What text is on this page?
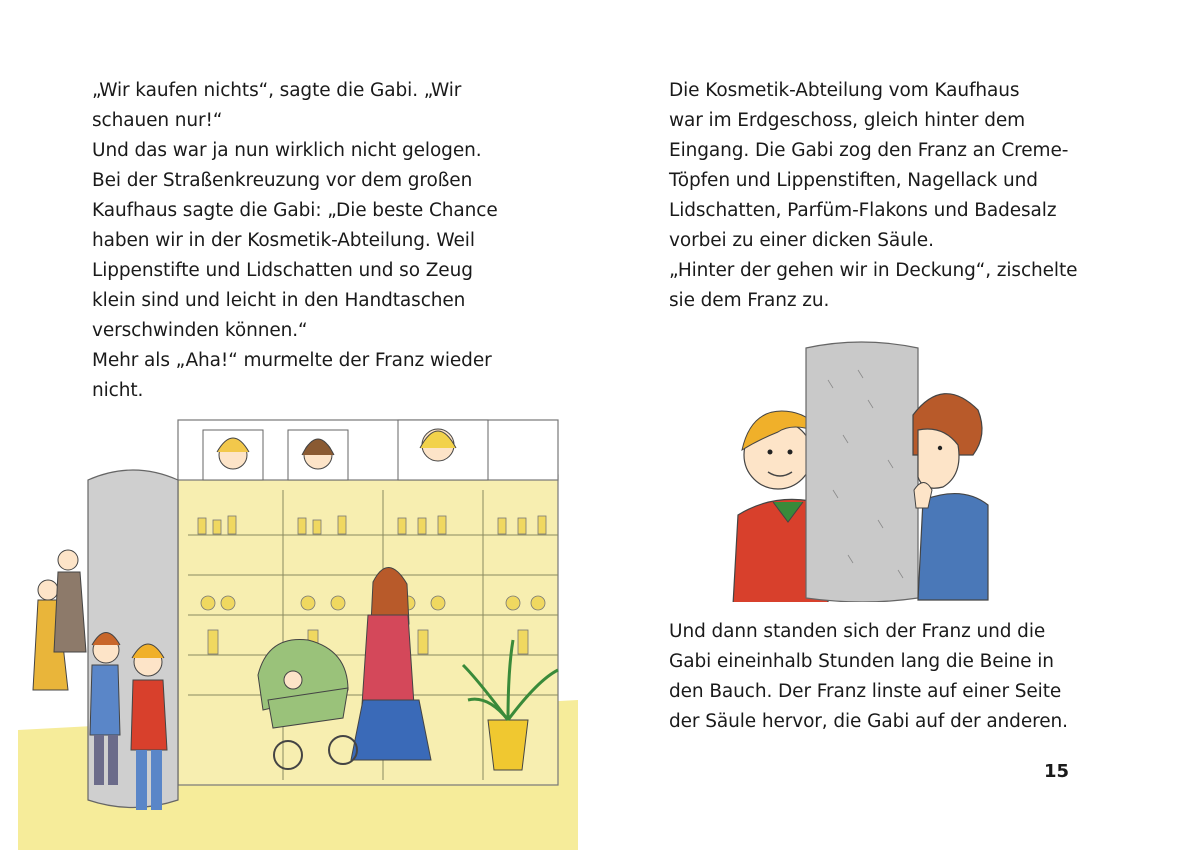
„Wir kaufen nichts“, sagte die Gabi. „Wir
schauen nur!“
Und das war ja nun wirklich nicht gelogen.
Bei der Straßenkreuzung vor dem großen
Kaufhaus sagte die Gabi: „Die beste Chance
haben wir in der Kosmetik-Abteilung. Weil
Lippenstifte und Lidschatten und so Zeug
klein sind und leicht in den Handtaschen
verschwinden können.“
Mehr als „Aha!“ murmelte der Franz wieder
nicht.
Die Kosmetik-Abteilung vom Kaufhaus
war im Erdgeschoss, gleich hinter dem
Eingang. Die Gabi zog den Franz an Creme-
Töpfen und Lippenstiften, Nagellack und
Lidschatten, Parfüm-Flakons und Badesalz
vorbei zu einer dicken Säule.
„Hinter der gehen wir in Deckung“, zischelte
sie dem Franz zu.
Und dann standen sich der Franz und die
Gabi eineinhalb Stunden lang die Beine in
den Bauch. Der Franz linste auf einer Seite
der Säule hervor, die Gabi auf der anderen.
15
